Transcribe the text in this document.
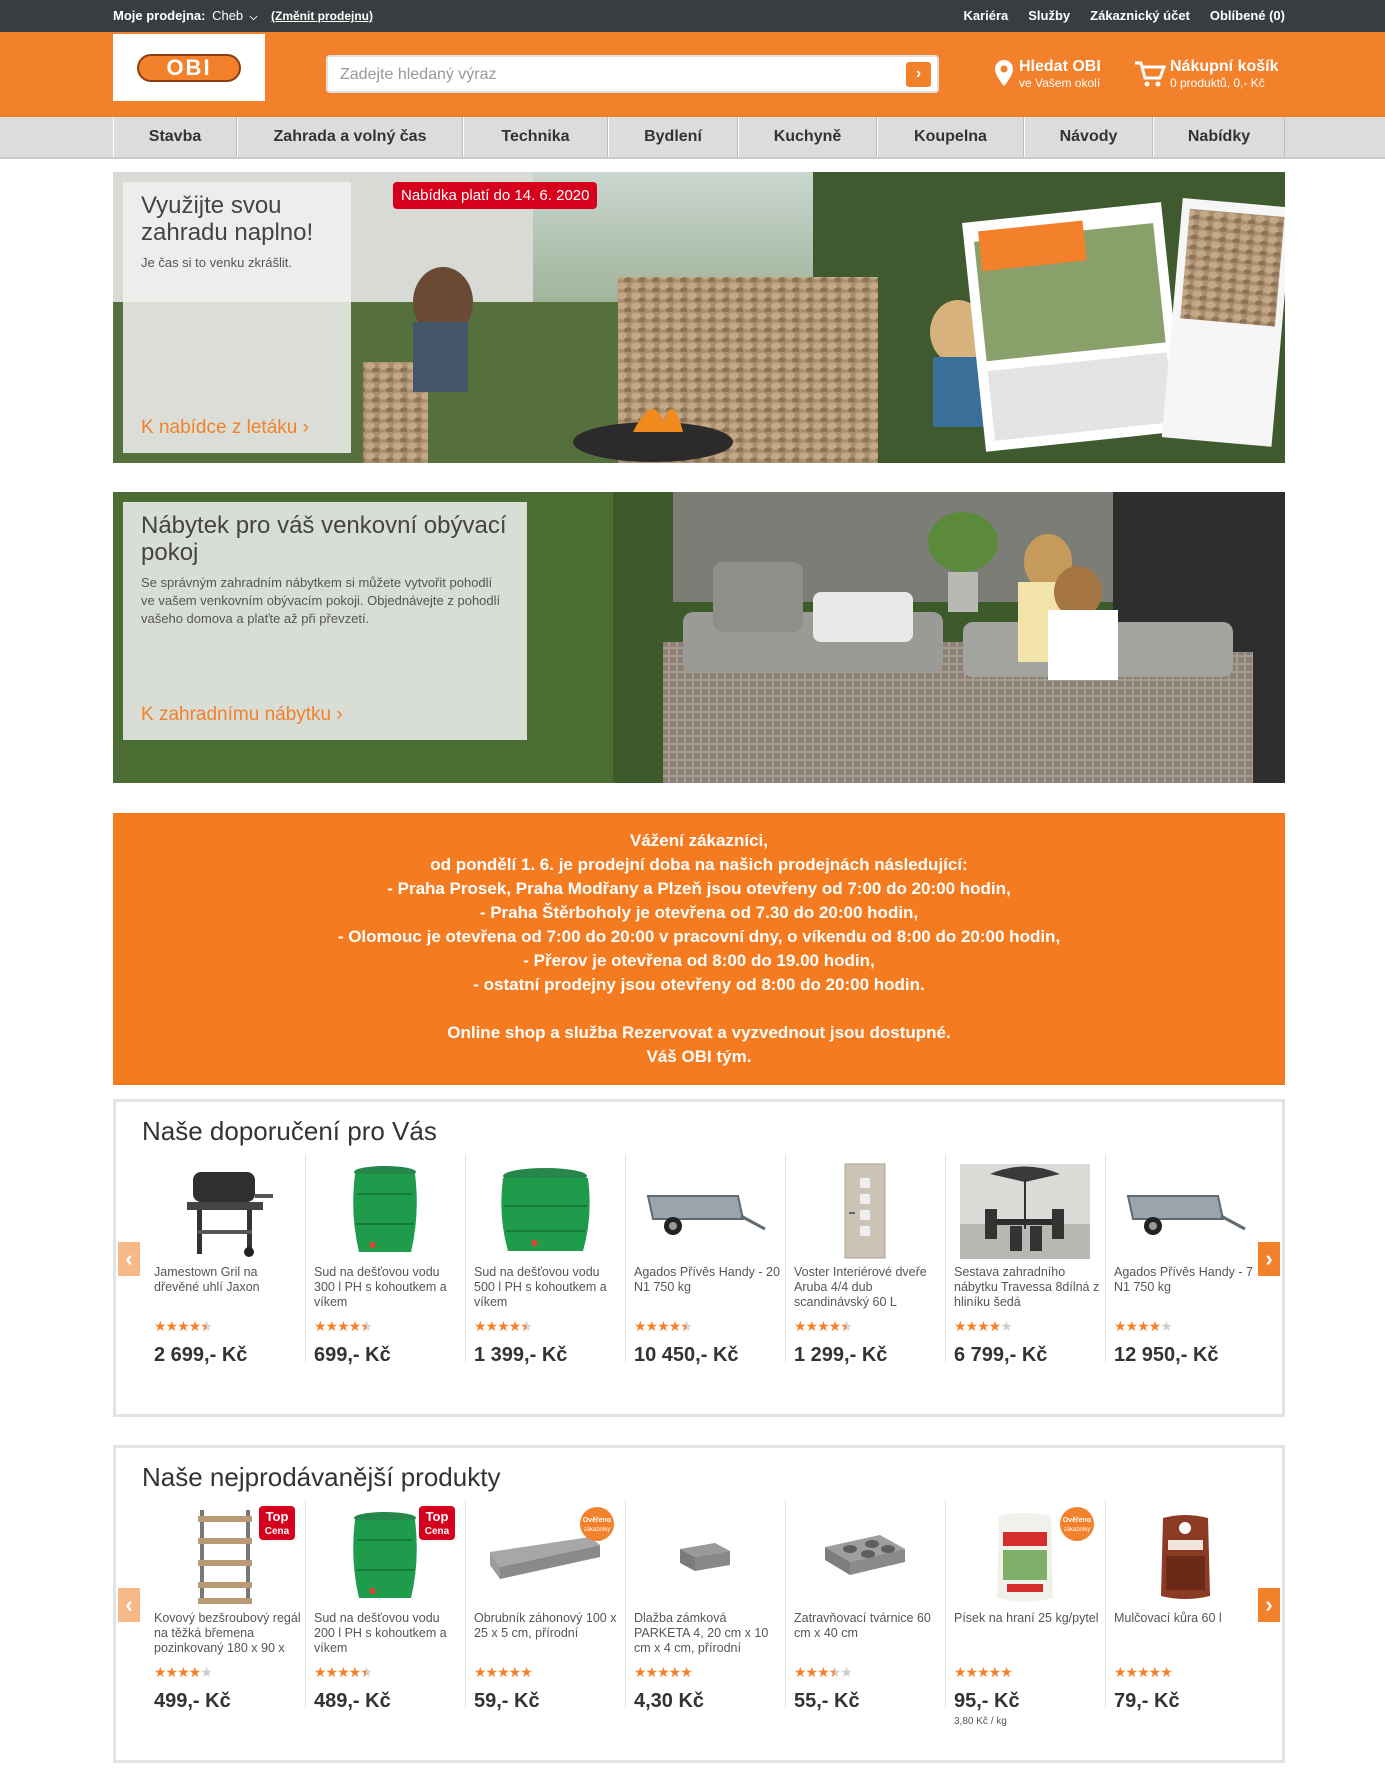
Moje prodejna: Cheb ⌵ (Změnit prodejnu)	Kariéra Služby Zákaznický účet Oblíbené (0)
OBI
Zadejte hledaný výraz	›	Hledat OBI
ve Vašem okolí
Nákupní košík
0 produktů, 0,- Kč
Stavba	Zahrada a volný čas	Technika	Bydlení	Kuchyně	Koupelna	Návody	Nabídky
Využijte svou zahradu naplno!

Je čas si to venku zkrášlit.

K nabídce z letáku ›
Nabídka platí do 14. 6. 2020
Nábytek pro váš venkovní obývací pokoj

Se správným zahradním nábytkem si můžete vytvořit pohodlí ve vašem venkovním obývacím pokoji. Objednávejte z pohodlí vašeho domova a plaťte až při převzetí.

K zahradnímu nábytku ›
Vážení zákazníci,
od pondělí 1. 6. je prodejní doba na našich prodejnách následující:
- Praha Prosek, Praha Modřany a Plzeň jsou otevřeny od 7:00 do 20:00 hodin,
- Praha Štěrboholy je otevřena od 7.30 do 20:00 hodin,
- Olomouc je otevřena od 7:00 do 20:00 v pracovní dny, o víkendu od 8:00 do 20:00 hodin,
- Přerov je otevřena od 8:00 do 19.00 hodin,
- ostatní prodejny jsou otevřeny od 8:00 do 20:00 hodin.
Online shop a služba Rezervovat a vyzvednout jsou dostupné.
Váš OBI tým.
Naše doporučení pro Vás
Jamestown Gril na dřevěné uhlí Jaxon
★★★★★
2 699,- Kč
Sud na dešťovou vodu 300 l PH s kohoutkem a víkem
★★★★★
699,- Kč
Sud na dešťovou vodu 500 l PH s kohoutkem a víkem
★★★★★
1 399,- Kč
Agados Přívěs Handy - 20 N1 750 kg
★★★★★
10 450,- Kč
Voster Interiérové dveře Aruba 4/4 dub scandinávský 60 L
★★★★★
1 299,- Kč
Sestava zahradního nábytku Travessa 8dílná z hliníku šedá
★★★★★
6 799,- Kč
Agados Přívěs Handy - 7 N1 750 kg
★★★★★
12 950,- Kč
‹	›
Naše nejprodávanější produkty
Top
Cena
Kovový bezšroubový regál na těžká břemena pozinkovaný 180 x 90 x
★★★★★
499,- Kč
Top
Cena
Sud na dešťovou vodu 200 l PH s kohoutkem a víkem
★★★★★
489,- Kč
Ověřeno
zákazníky
Obrubník záhonový 100 x 25 x 5 cm, přírodní
★★★★★
59,- Kč
Dlažba zámková PARKETA 4, 20 cm x 10 cm x 4 cm, přírodní
★★★★★
4,30 Kč
Zatravňovací tvárnice 60 cm x 40 cm
★★★★★
55,- Kč
Ověřeno
zákazníky
Písek na hraní 25 kg/pytel
★★★★★
95,- Kč
3,80 Kč / kg
Mulčovací kůra 60 l
★★★★★
79,- Kč
‹	›
